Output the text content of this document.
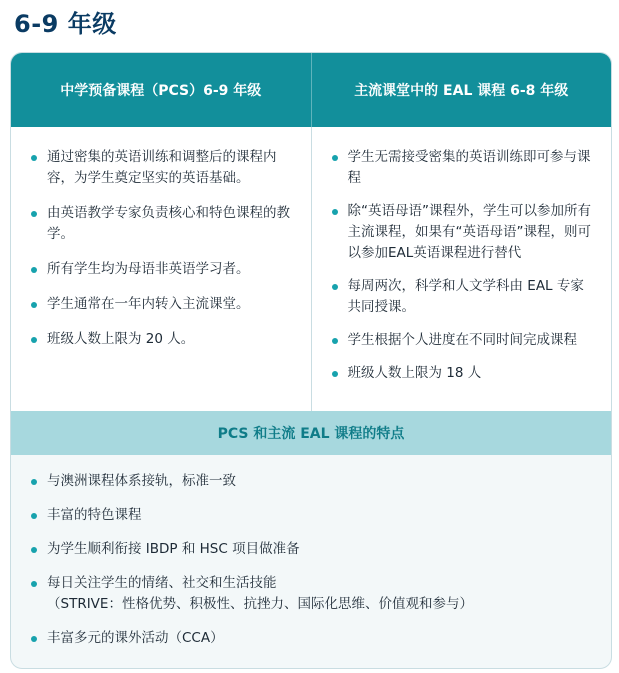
6-9 年级
中学预备课程（PCS）6-9 年级	主流课堂中的 EAL 课程 6-8 年级
通过密集的英语训练和调整后的课程内容，为学生奠定坚实的英语基础。
由英语教学专家负责核心和特色课程的教学。
所有学生均为母语非英语学习者。
学生通常在一年内转入主流课堂。
班级人数上限为 20 人。
学生无需接受密集的英语训练即可参与课程
除“英语母语”课程外，学生可以参加所有主流课程，如果有“英语母语”课程，则可以参加EAL英语课程进行替代
每周两次，科学和人文学科由 EAL 专家共同授课。
学生根据个人进度在不同时间完成课程
班级人数上限为 18 人
PCS 和主流 EAL 课程的特点
与澳洲课程体系接轨，标准一致
丰富的特色课程
为学生顺利衔接 IBDP 和 HSC 项目做准备
每日关注学生的情绪、社交和生活技能
（STRIVE：性格优势、积极性、抗挫力、国际化思维、价值观和参与）
丰富多元的课外活动（CCA）
